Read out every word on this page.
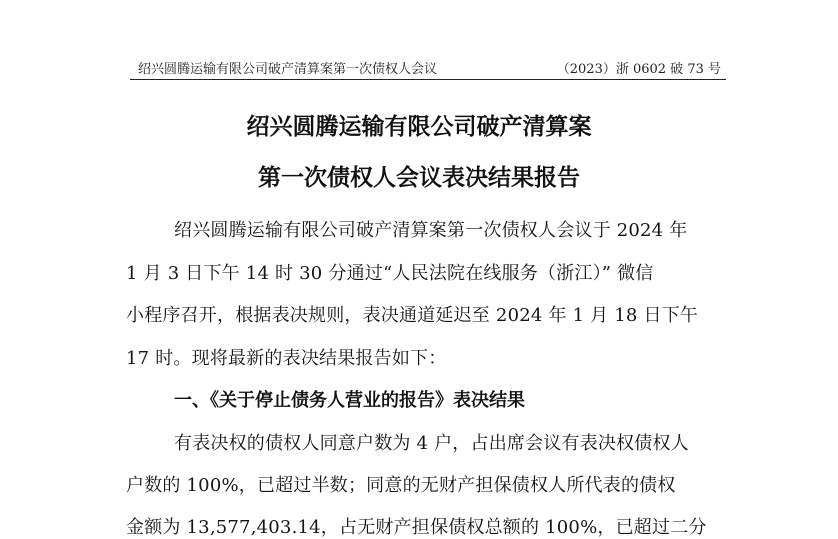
绍兴圆腾运输有限公司破产清算案第一次债权人会议	（2023）浙 0602 破 73 号
绍兴圆腾运输有限公司破产清算案
第一次债权人会议表决结果报告
绍兴圆腾运输有限公司破产清算案第一次债权人会议于 2024 年
1 月 3 日下午 14 时 30 分通过“人民法院在线服务（浙江）” 微信
小程序召开，根据表决规则，表决通道延迟至 2024 年 1 月 18 日下午
17 时。现将最新的表决结果报告如下：
一、《关于停止债务人营业的报告》表决结果
有表决权的债权人同意户数为 4 户，占出席会议有表决权债权人
户数的 100%，已超过半数；同意的无财产担保债权人所代表的债权
金额为 13,577,403.14，占无财产担保债权总额的 100%，已超过二分
